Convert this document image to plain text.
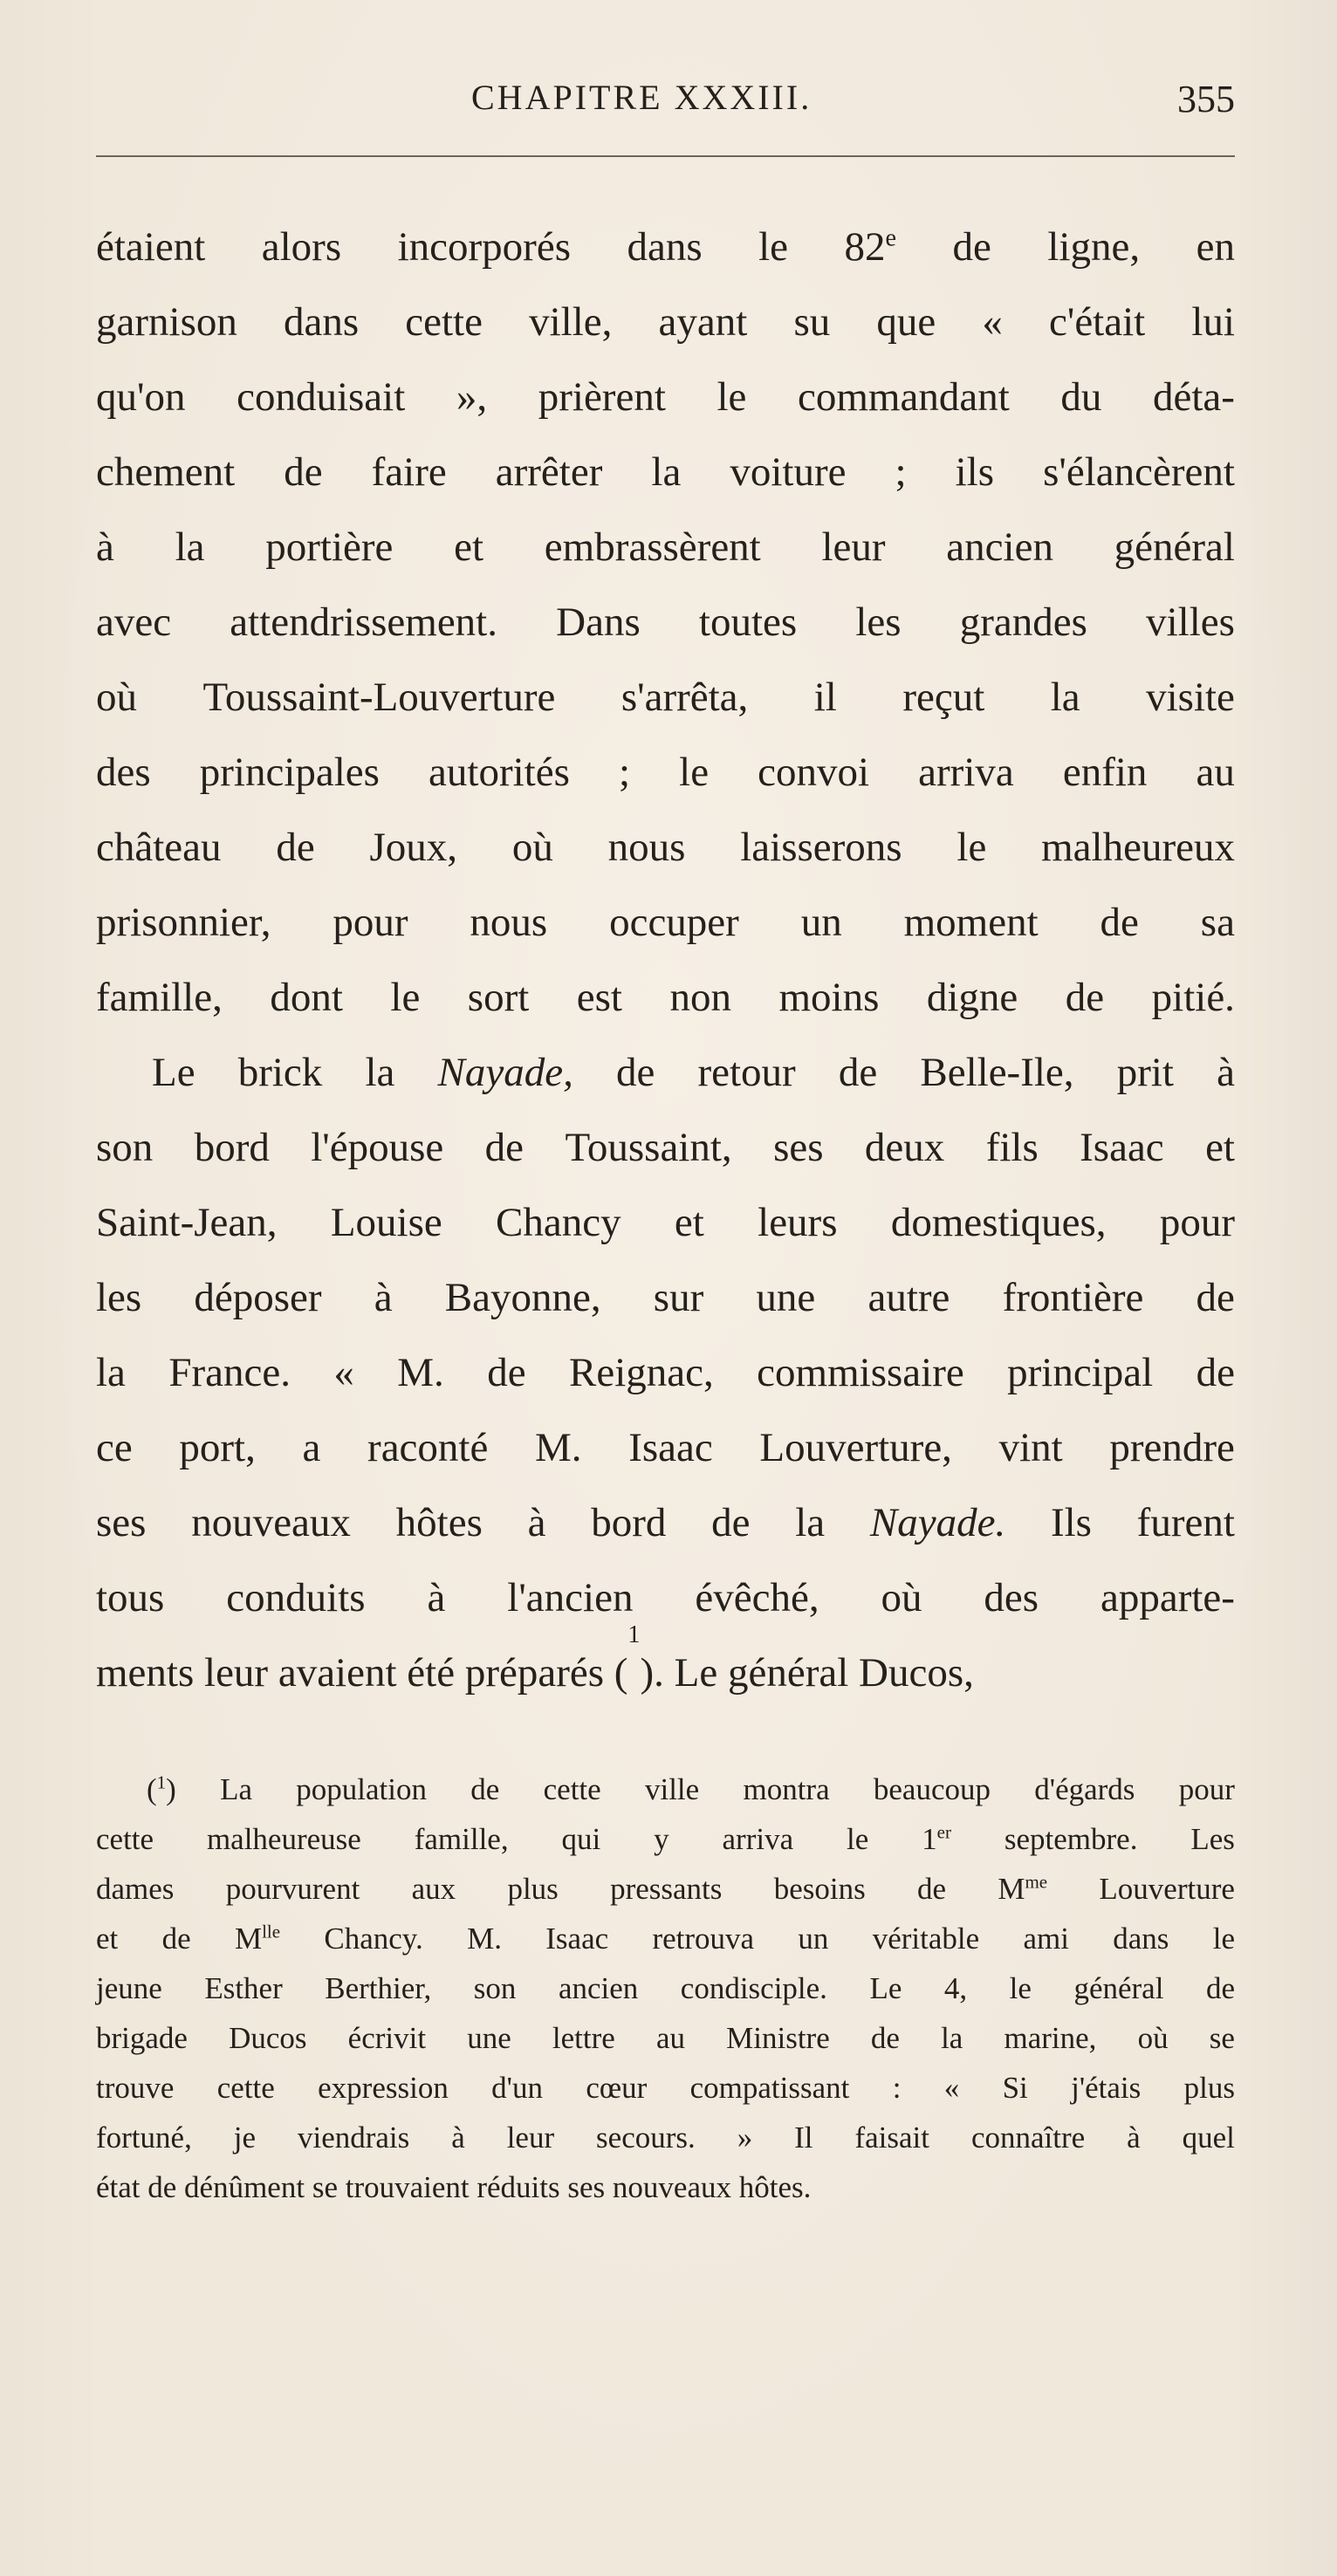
CHAPITRE XXXIII.	355
étaient alors incorporés dans le 82e de ligne, en
garnison dans cette ville, ayant su que « c'était lui
qu'on conduisait », prièrent le commandant du déta-
chement de faire arrêter la voiture ; ils s'élancèrent
à la portière et embrassèrent leur ancien général
avec attendrissement. Dans toutes les grandes villes
où Toussaint-Louverture s'arrêta, il reçut la visite
des principales autorités ; le convoi arriva enfin au
château de Joux, où nous laisserons le malheureux
prisonnier, pour nous occuper un moment de sa
famille, dont le sort est non moins digne de pitié.
Le brick la Nayade, de retour de Belle-Ile, prit à
son bord l'épouse de Toussaint, ses deux fils Isaac et
Saint-Jean, Louise Chancy et leurs domestiques, pour
les déposer à Bayonne, sur une autre frontière de
la France. « M. de Reignac, commissaire principal de
ce port, a raconté M. Isaac Louverture, vint prendre
ses nouveaux hôtes à bord de la Nayade. Ils furent
tous conduits à l'ancien évêché, où des apparte-
ments leur avaient été préparés (
1
). Le général Ducos,
($^1$) La population de cette ville montra beaucoup d'égards pour
cette malheureuse famille, qui y arriva le 1er septembre. Les
dames pourvurent aux plus pressants besoins de $M^{me}$ Louverture
et de $M^{lle}$ Chancy. M. Isaac retrouva un véritable ami dans le
jeune Esther Berthier, son ancien condisciple. Le 4, le général de
brigade Ducos écrivit une lettre au Ministre de la marine, où se
trouve cette expression d'un cœur compatissant : « Si j'étais plus
fortuné, je viendrais à leur secours. » Il faisait connaître à quel
état de dénûment se trouvaient réduits ses nouveaux hôtes.
